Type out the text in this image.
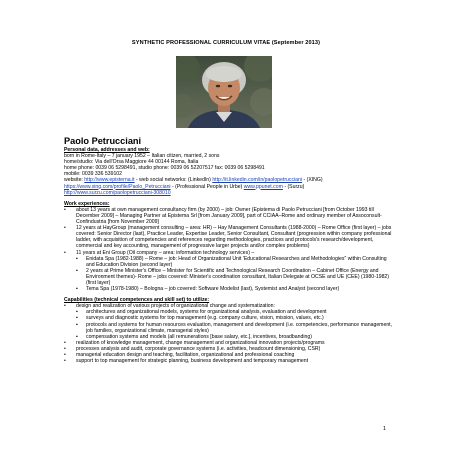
SYNTHETIC PROFESSIONAL CURRICULUM VITAE (September 2013)
Paolo Petrucciani
Personal data, addresses and web:
born in Rome-Italy – 7 january 1952 – Italian citizen, married, 2 sons
home/studio: Via dell'Orsa Maggiore 44 00144 Roma, Italia
home phone: 0039 06 5298491, studio phone: 0039 06 52207517 fax: 0039 06 5298491
mobile: 0039 336 539102
website: http://www.episterna.it - web social networks: (LinkedIn) http://it.linkedin.com/in/paolopetrucciani - (XING)
https://www.xing.com/profile/Paolo_Petrucciani - (Professional People in Urbe) www.ppunet.com - (Surzu)
http://www.surzu.com/paolopetrucciani-308010
Work experiences:
• about 13 years at own management consultancy firm (by 2000) – job: Owner (Epistema di Paolo Petrucciani [from October 1993 till December 2009] – Managing Partner at Epistema Srl [from January 2009], part of CCIAA–Rome and ordinary member of Assoconsult-Confindustria [from November 2009]
• 12 years at HayGroup (management consulting – area: HR) – Hay Management Consultants (1988-2000) – Rome Office (first layer) – jobs covered: Senior Director (last), Practice Leader, Expertise Leader, Senior Consultant, Consultant (progression within company professional ladder, with acquisition of competencies and references regarding methodologies, practices and protocols's research/development, commercial and key accounting, management of progressive larger projects and/or complex problems)
• 11 years at Eni Group (Oil company – area: information technology services) –
▪ Enidata Spa (1982-1988) – Rome – job: Head of Organizational Unit 'Educational Researches and Methodologies" within Consulting and Education Division (second layer)
▪ 2 years at Prime Minister's Office – Minister for Scientific and Technological Research Coordination – Cabinet Office (Energy and Environment themes)- Rome – jobs covered: Minister's coordination consultant, Italian Delegate at OCSE and UE (CEE) (1980-1982) (first layer)
▪ Tema Spa (1978-1980) – Bologna – job covered: Software Modelist (last), Systemist and Analyst (second layer)
Capabilities (technical competences and skill set) to utilize:
• design and realization of various projects of organizational change and systematization:
▪ architectures and organizational models, systems for organizational analysis, evaluation and development
▪ surveys and diagnostic systems for top management (e.g. company culture, vision, mission, values, etc.)
▪ protocols and systems for human resources evaluation, management and development (i.e. competencies, performance management, job families, organizational climate, managerial styles)
▪ compensation systems and models (all remunerations [base salary, etc.], incentives, broadbanding)
• realization of knowledge management, change management and organizational innovation projects/programs
• processes analysis and audit, corporate governance systems (i.e. activities, headcount dimensioning, CSR)
• managerial education design and teaching, facilitation, organizational and professional coaching
• support to top management for strategic planning, business development and temporary management
1
